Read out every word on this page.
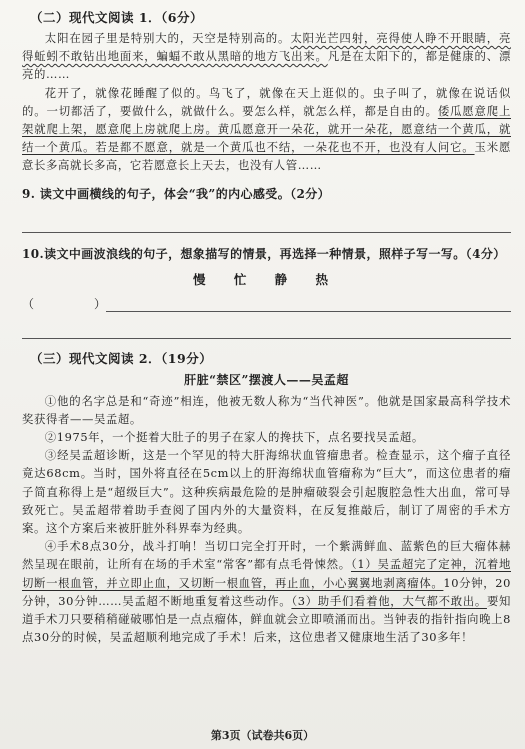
（二）现代文阅读 1．（6分）

太阳在园子里是特别大的，天空是特别高的。太阳光芒四射，亮得使人睁不开眼睛，亮得蚯蚓不敢钻出地面来，蝙蝠不敢从黑暗的地方飞出来。凡是在太阳下的，都是健康的、漂亮的……

花开了，就像花睡醒了似的。鸟飞了，就像在天上逛似的。虫子叫了，就像在说话似的。一切都活了，要做什么，就做什么。要怎么样，就怎么样，都是自由的。倭瓜愿意爬上架就爬上架，愿意爬上房就爬上房。黄瓜愿意开一朵花，就开一朵花，愿意结一个黄瓜，就结一个黄瓜。若是都不愿意，就是一个黄瓜也不结，一朵花也不开，也没有人问它。玉米愿意长多高就长多高，它若愿意长上天去，也没有人管……

9. 读文中画横线的句子，体会“我”的内心感受。（2分）
10.读文中画波浪线的句子，想象描写的情景，再选择一种情景，照样子写一写。（4分）
慢 忙 静 热
（	）
（三）现代文阅读 2．（19分）
肝脏“禁区”摆渡人——吴孟超

①他的名字总是和“奇迹”相连，他被无数人称为“当代神医”。他就是国家最高科学技术奖获得者——吴孟超。

②1975年，一个挺着大肚子的男子在家人的搀扶下，点名要找吴孟超。

③经吴孟超诊断，这是一个罕见的特大肝海绵状血管瘤患者。检查显示，这个瘤子直径竟达68cm。当时，国外将直径在5cm以上的肝海绵状血管瘤称为“巨大”，而这位患者的瘤子简直称得上是“超级巨大”。这种疾病最危险的是肿瘤破裂会引起腹腔急性大出血，常可导致死亡。吴孟超带着助手查阅了国内外的大量资料，在反复推敲后，制订了周密的手术方案。这个方案后来被肝脏外科界奉为经典。

④手术8点30分，战斗打响！当切口完全打开时，一个紫满鲜血、蓝紫色的巨大瘤体赫然呈现在眼前，让所有在场的手术室“常客”都有点毛骨悚然。（1）吴孟超完了定神，沉着地切断一根血管，并立即止血，又切断一根血管，再止血，小心翼翼地剥离瘤体。10分钟，20分钟，30分钟……吴孟超不断地重复着这些动作。（3）助手们看着他，大气都不敢出。要知道手术刀只要稍稍碰破哪怕是一点点瘤体，鲜血就会立即喷涌而出。当钟表的指针指向晚上8点30分的时候，吴孟超顺利地完成了手术！后来，这位患者又健康地生活了30多年！

第3页（试卷共6页）
